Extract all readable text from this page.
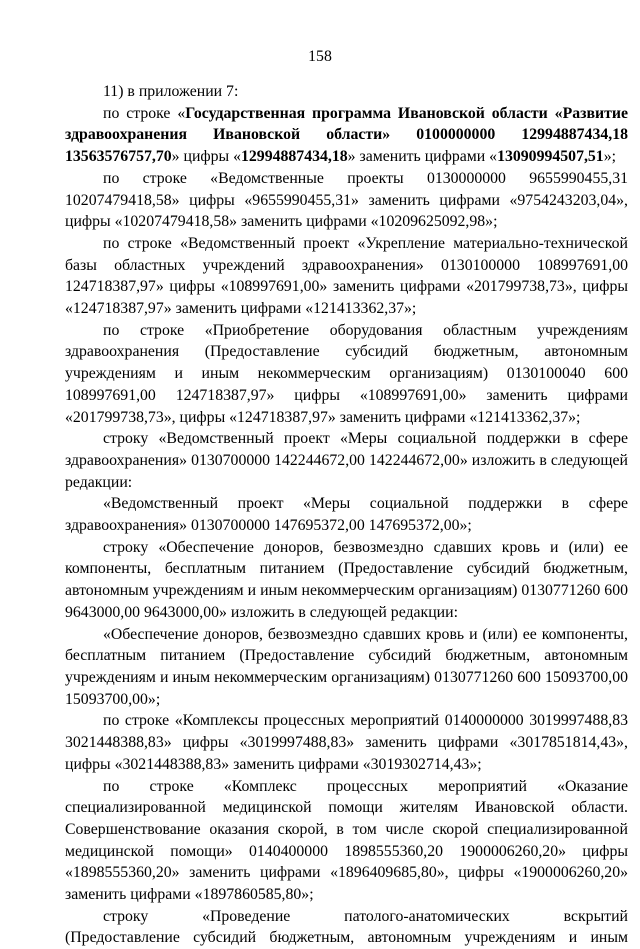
158

11) в приложении 7:

по строке «Государственная программа Ивановской области «Развитие здравоохранения Ивановской области» 0100000000 12994887434,18 13563576757,70» цифры «12994887434,18» заменить цифрами «13090994507,51»;

по строке «Ведомственные проекты 0130000000 9655990455,31 10207479418,58» цифры «9655990455,31» заменить цифрами «9754243203,04», цифры «10207479418,58» заменить цифрами «10209625092,98»;

по строке «Ведомственный проект «Укрепление материально-технической базы областных учреждений здравоохранения» 0130100000 108997691,00 124718387,97» цифры «108997691,00» заменить цифрами «201799738,73», цифры «124718387,97» заменить цифрами «121413362,37»;

по строке «Приобретение оборудования областным учреждениям здравоохранения (Предоставление субсидий бюджетным, автономным учреждениям и иным некоммерческим организациям) 0130100040 600 108997691,00 124718387,97» цифры «108997691,00» заменить цифрами «201799738,73», цифры «124718387,97» заменить цифрами «121413362,37»;

строку «Ведомственный проект «Меры социальной поддержки в сфере здравоохранения» 0130700000 142244672,00 142244672,00» изложить в следующей редакции:

«Ведомственный проект «Меры социальной поддержки в сфере здравоохранения» 0130700000 147695372,00 147695372,00»;

строку «Обеспечение доноров, безвозмездно сдавших кровь и (или) ее компоненты, бесплатным питанием (Предоставление субсидий бюджетным, автономным учреждениям и иным некоммерческим организациям) 0130771260 600 9643000,00 9643000,00» изложить в следующей редакции:

«Обеспечение доноров, безвозмездно сдавших кровь и (или) ее компоненты, бесплатным питанием (Предоставление субсидий бюджетным, автономным учреждениям и иным некоммерческим организациям) 0130771260 600 15093700,00 15093700,00»;

по строке «Комплексы процессных мероприятий 0140000000 3019997488,83 3021448388,83» цифры «3019997488,83» заменить цифрами «3017851814,43», цифры «3021448388,83» заменить цифрами «3019302714,43»;

по строке «Комплекс процессных мероприятий «Оказание специализированной медицинской помощи жителям Ивановской области. Совершенствование оказания скорой, в том числе скорой специализированной медицинской помощи» 0140400000 1898555360,20 1900006260,20» цифры «1898555360,20» заменить цифрами «1896409685,80», цифры «1900006260,20» заменить цифрами «1897860585,80»;

строку «Проведение патолого-анатомических вскрытий

(Предоставление субсидий бюджетным, автономным учреждениям и иным
